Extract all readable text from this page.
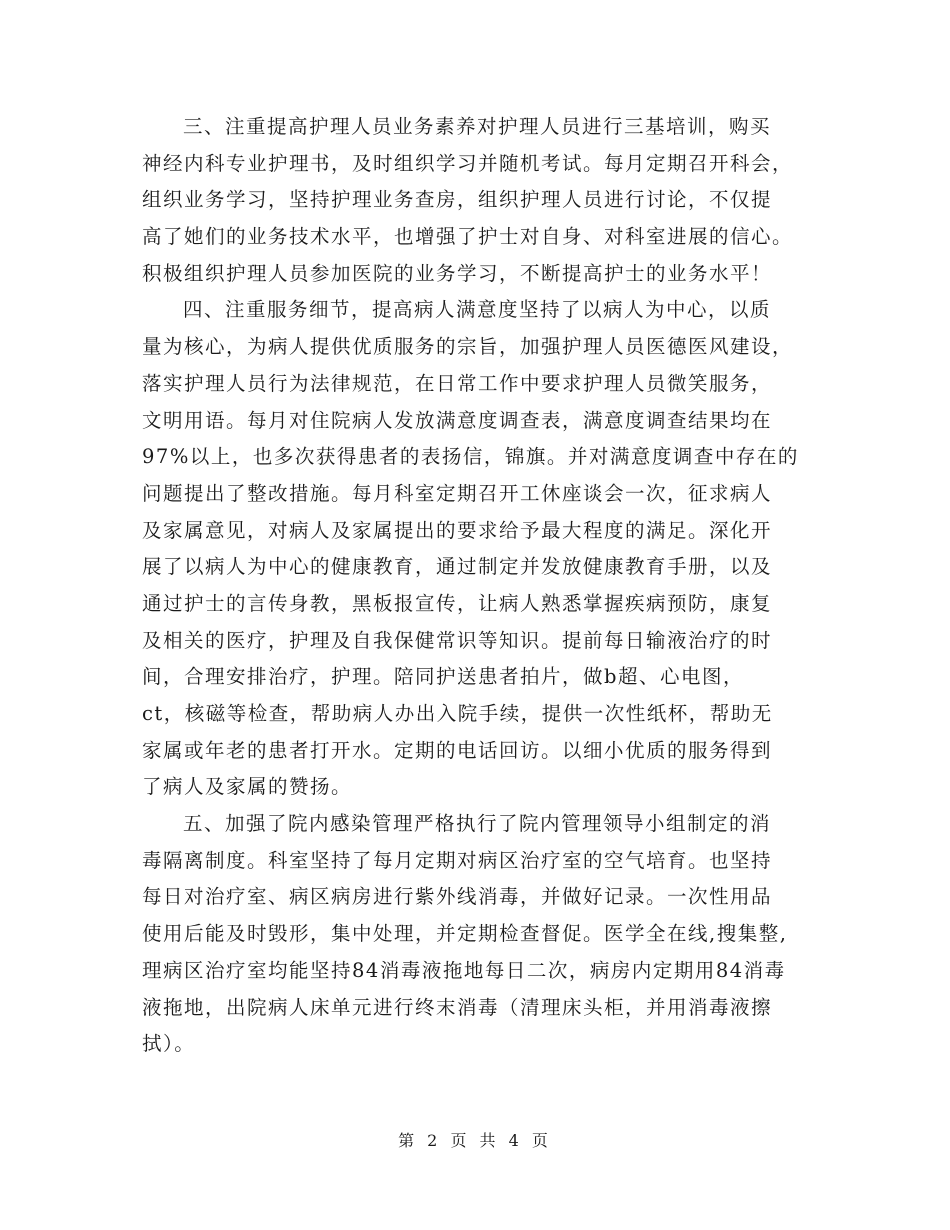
三、注重提高护理人员业务素养对护理人员进行三基培训，购买
神经内科专业护理书，及时组织学习并随机考试。每月定期召开科会，
组织业务学习，坚持护理业务查房，组织护理人员进行讨论，不仅提
高了她们的业务技术水平，也增强了护士对自身、对科室进展的信心。
积极组织护理人员参加医院的业务学习，不断提高护士的业务水平！
四、注重服务细节，提高病人满意度坚持了以病人为中心，以质
量为核心，为病人提供优质服务的宗旨，加强护理人员医德医风建设，
落实护理人员行为法律规范，在日常工作中要求护理人员微笑服务，
文明用语。每月对住院病人发放满意度调查表，满意度调查结果均在
97%以上，也多次获得患者的表扬信，锦旗。并对满意度调查中存在的
问题提出了整改措施。每月科室定期召开工休座谈会一次，征求病人
及家属意见，对病人及家属提出的要求给予最大程度的满足。深化开
展了以病人为中心的健康教育，通过制定并发放健康教育手册，以及
通过护士的言传身教，黑板报宣传，让病人熟悉掌握疾病预防，康复
及相关的医疗，护理及自我保健常识等知识。提前每日输液治疗的时
间，合理安排治疗，护理。陪同护送患者拍片，做b超、心电图，
ct，核磁等检查，帮助病人办出入院手续，提供一次性纸杯，帮助无
家属或年老的患者打开水。定期的电话回访。以细小优质的服务得到
了病人及家属的赞扬。
五、加强了院内感染管理严格执行了院内管理领导小组制定的消
毒隔离制度。科室坚持了每月定期对病区治疗室的空气培育。也坚持
每日对治疗室、病区病房进行紫外线消毒，并做好记录。一次性用品
使用后能及时毁形，集中处理，并定期检查督促。医学全在线,搜集整,
理病区治疗室均能坚持84消毒液拖地每日二次，病房内定期用84消毒
液拖地，出院病人床单元进行终末消毒（清理床头柜，并用消毒液擦
拭）。
第 2 页 共 4 页
